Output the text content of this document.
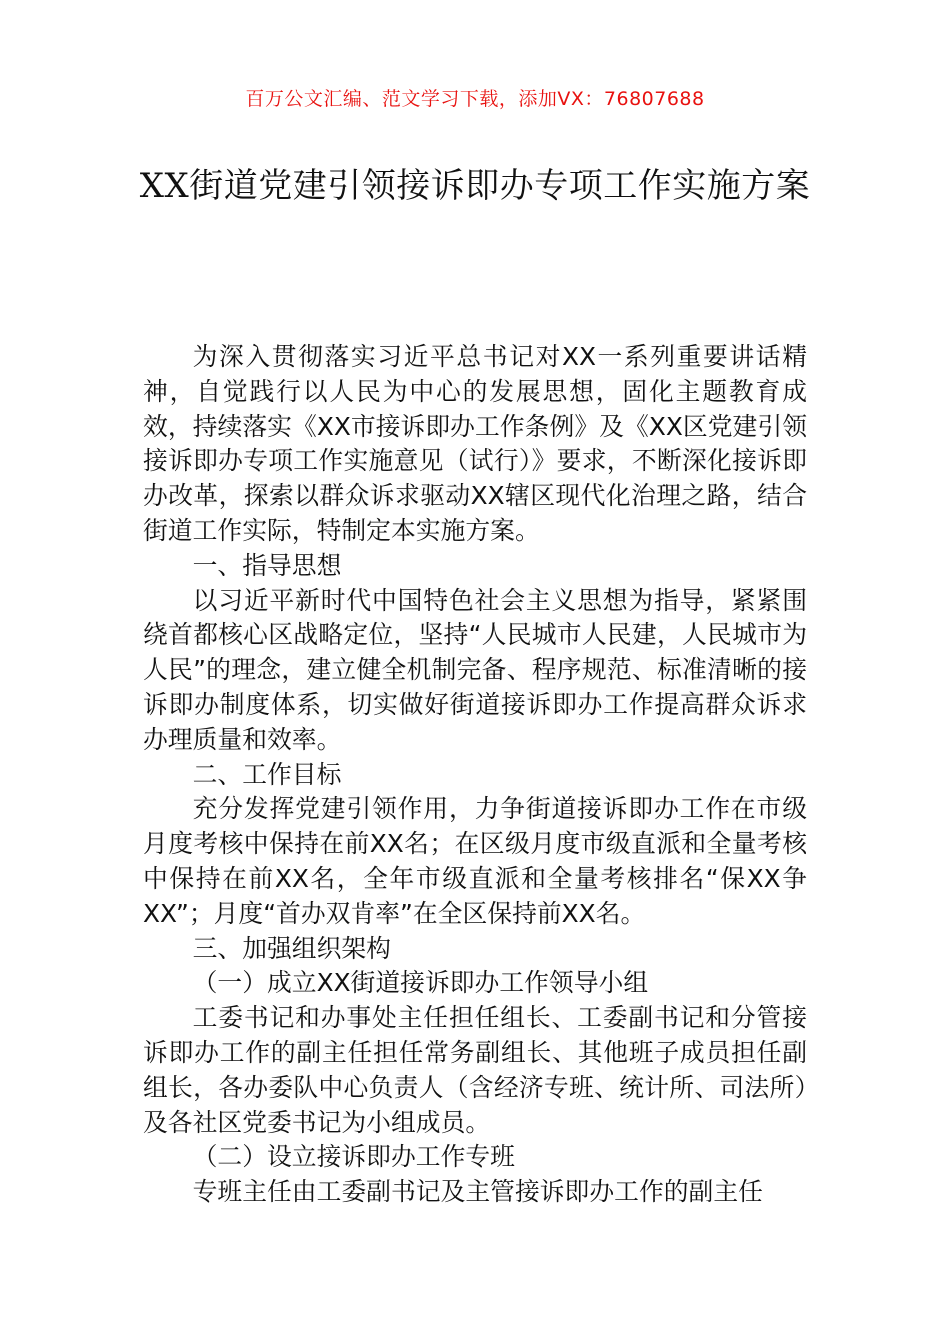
百万公文汇编、范文学习下载，添加VX：76807688
XX街道党建引领接诉即办专项工作实施方案

为深入贯彻落实习近平总书记对XX一系列重要讲话精神，自觉践行以人民为中心的发展思想，固化主题教育成效，持续落实《XX市接诉即办工作条例》及《XX区党建引领接诉即办专项工作实施意见（试行）》要求，不断深化接诉即办改革，探索以群众诉求驱动XX辖区现代化治理之路，结合街道工作实际，特制定本实施方案。

一、指导思想

以习近平新时代中国特色社会主义思想为指导，紧紧围绕首都核心区战略定位，坚持“人民城市人民建，人民城市为人民”的理念，建立健全机制完备、程序规范、标准清晰的接诉即办制度体系，切实做好街道接诉即办工作提高群众诉求办理质量和效率。

二、工作目标

充分发挥党建引领作用，力争街道接诉即办工作在市级月度考核中保持在前XX名；在区级月度市级直派和全量考核中保持在前XX名，全年市级直派和全量考核排名“保XX争XX”；月度“首办双肯率”在全区保持前XX名。

三、加强组织架构

（一）成立XX街道接诉即办工作领导小组

工委书记和办事处主任担任组长、工委副书记和分管接诉即办工作的副主任担任常务副组长、其他班子成员担任副组长，各办委队中心负责人（含经济专班、统计所、司法所）及各社区党委书记为小组成员。

（二）设立接诉即办工作专班

专班主任由工委副书记及主管接诉即办工作的副主任
